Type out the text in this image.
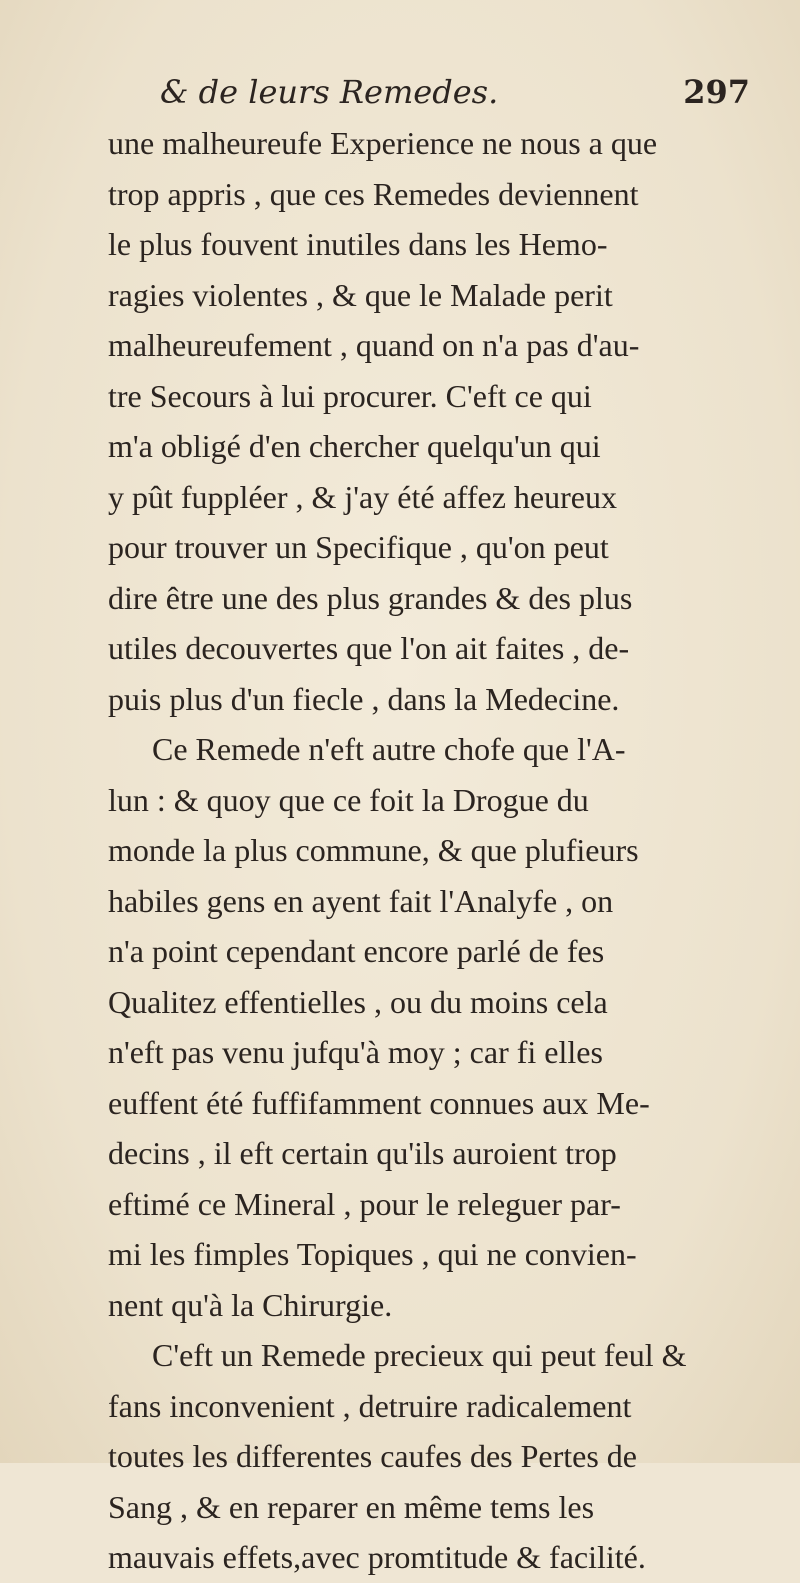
& de leurs Remedes.	297
une malheureufe Experience ne nous a que
trop appris , que ces Remedes deviennent
le plus fouvent inutiles dans les Hemo-
ragies violentes , & que le Malade perit
malheureufement , quand on n'a pas d'au-
tre Secours à lui procurer. C'eft ce qui
m'a obligé d'en chercher quelqu'un qui
y pût fuppléer , & j'ay été affez heureux
pour trouver un Specifique , qu'on peut
dire être une des plus grandes & des plus
utiles decouvertes que l'on ait faites , de-
puis plus d'un fiecle , dans la Medecine.
Ce Remede n'eft autre chofe que l'A-
lun : & quoy que ce foit la Drogue du
monde la plus commune, & que plufieurs
habiles gens en ayent fait l'Analyfe , on
n'a point cependant encore parlé de fes
Qualitez effentielles , ou du moins cela
n'eft pas venu jufqu'à moy ; car fi elles
euffent été fuffifamment connues aux Me-
decins , il eft certain qu'ils auroient trop
eftimé ce Mineral , pour le releguer par-
mi les fimples Topiques , qui ne convien-
nent qu'à la Chirurgie.
C'eft un Remede precieux qui peut feul &
fans inconvenient , detruire radicalement
toutes les differentes caufes des Pertes de
Sang , & en reparer en même tems les
mauvais effets,avec promtitude & facilité.
